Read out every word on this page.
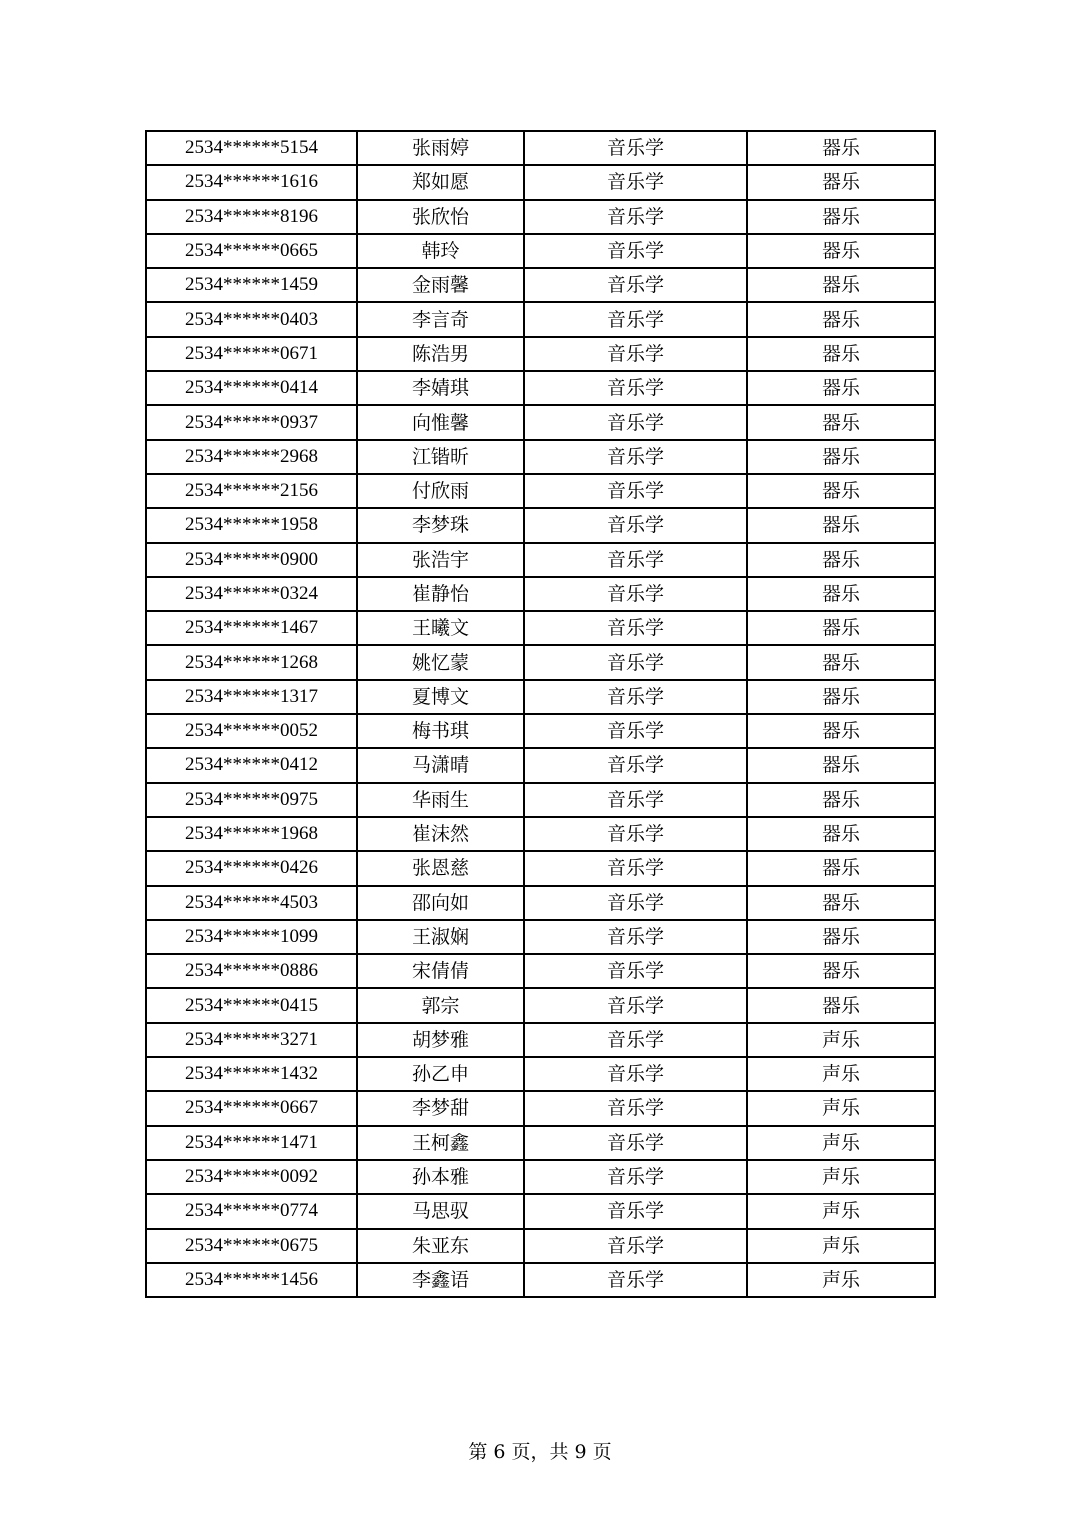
2534******5154	张雨婷	音乐学	器乐
2534******1616	郑如愿	音乐学	器乐
2534******8196	张欣怡	音乐学	器乐
2534******0665	韩玲	音乐学	器乐
2534******1459	金雨馨	音乐学	器乐
2534******0403	李言奇	音乐学	器乐
2534******0671	陈浩男	音乐学	器乐
2534******0414	李婧琪	音乐学	器乐
2534******0937	向惟馨	音乐学	器乐
2534******2968	江锴昕	音乐学	器乐
2534******2156	付欣雨	音乐学	器乐
2534******1958	李梦珠	音乐学	器乐
2534******0900	张浩宇	音乐学	器乐
2534******0324	崔静怡	音乐学	器乐
2534******1467	王曦文	音乐学	器乐
2534******1268	姚忆蒙	音乐学	器乐
2534******1317	夏博文	音乐学	器乐
2534******0052	梅书琪	音乐学	器乐
2534******0412	马潇晴	音乐学	器乐
2534******0975	华雨生	音乐学	器乐
2534******1968	崔沫然	音乐学	器乐
2534******0426	张恩慈	音乐学	器乐
2534******4503	邵向如	音乐学	器乐
2534******1099	王淑娴	音乐学	器乐
2534******0886	宋倩倩	音乐学	器乐
2534******0415	郭宗	音乐学	器乐
2534******3271	胡梦雅	音乐学	声乐
2534******1432	孙乙申	音乐学	声乐
2534******0667	李梦甜	音乐学	声乐
2534******1471	王柯鑫	音乐学	声乐
2534******0092	孙本雅	音乐学	声乐
2534******0774	马思驭	音乐学	声乐
2534******0675	朱亚东	音乐学	声乐
2534******1456	李鑫语	音乐学	声乐
第 6 页，共 9 页
